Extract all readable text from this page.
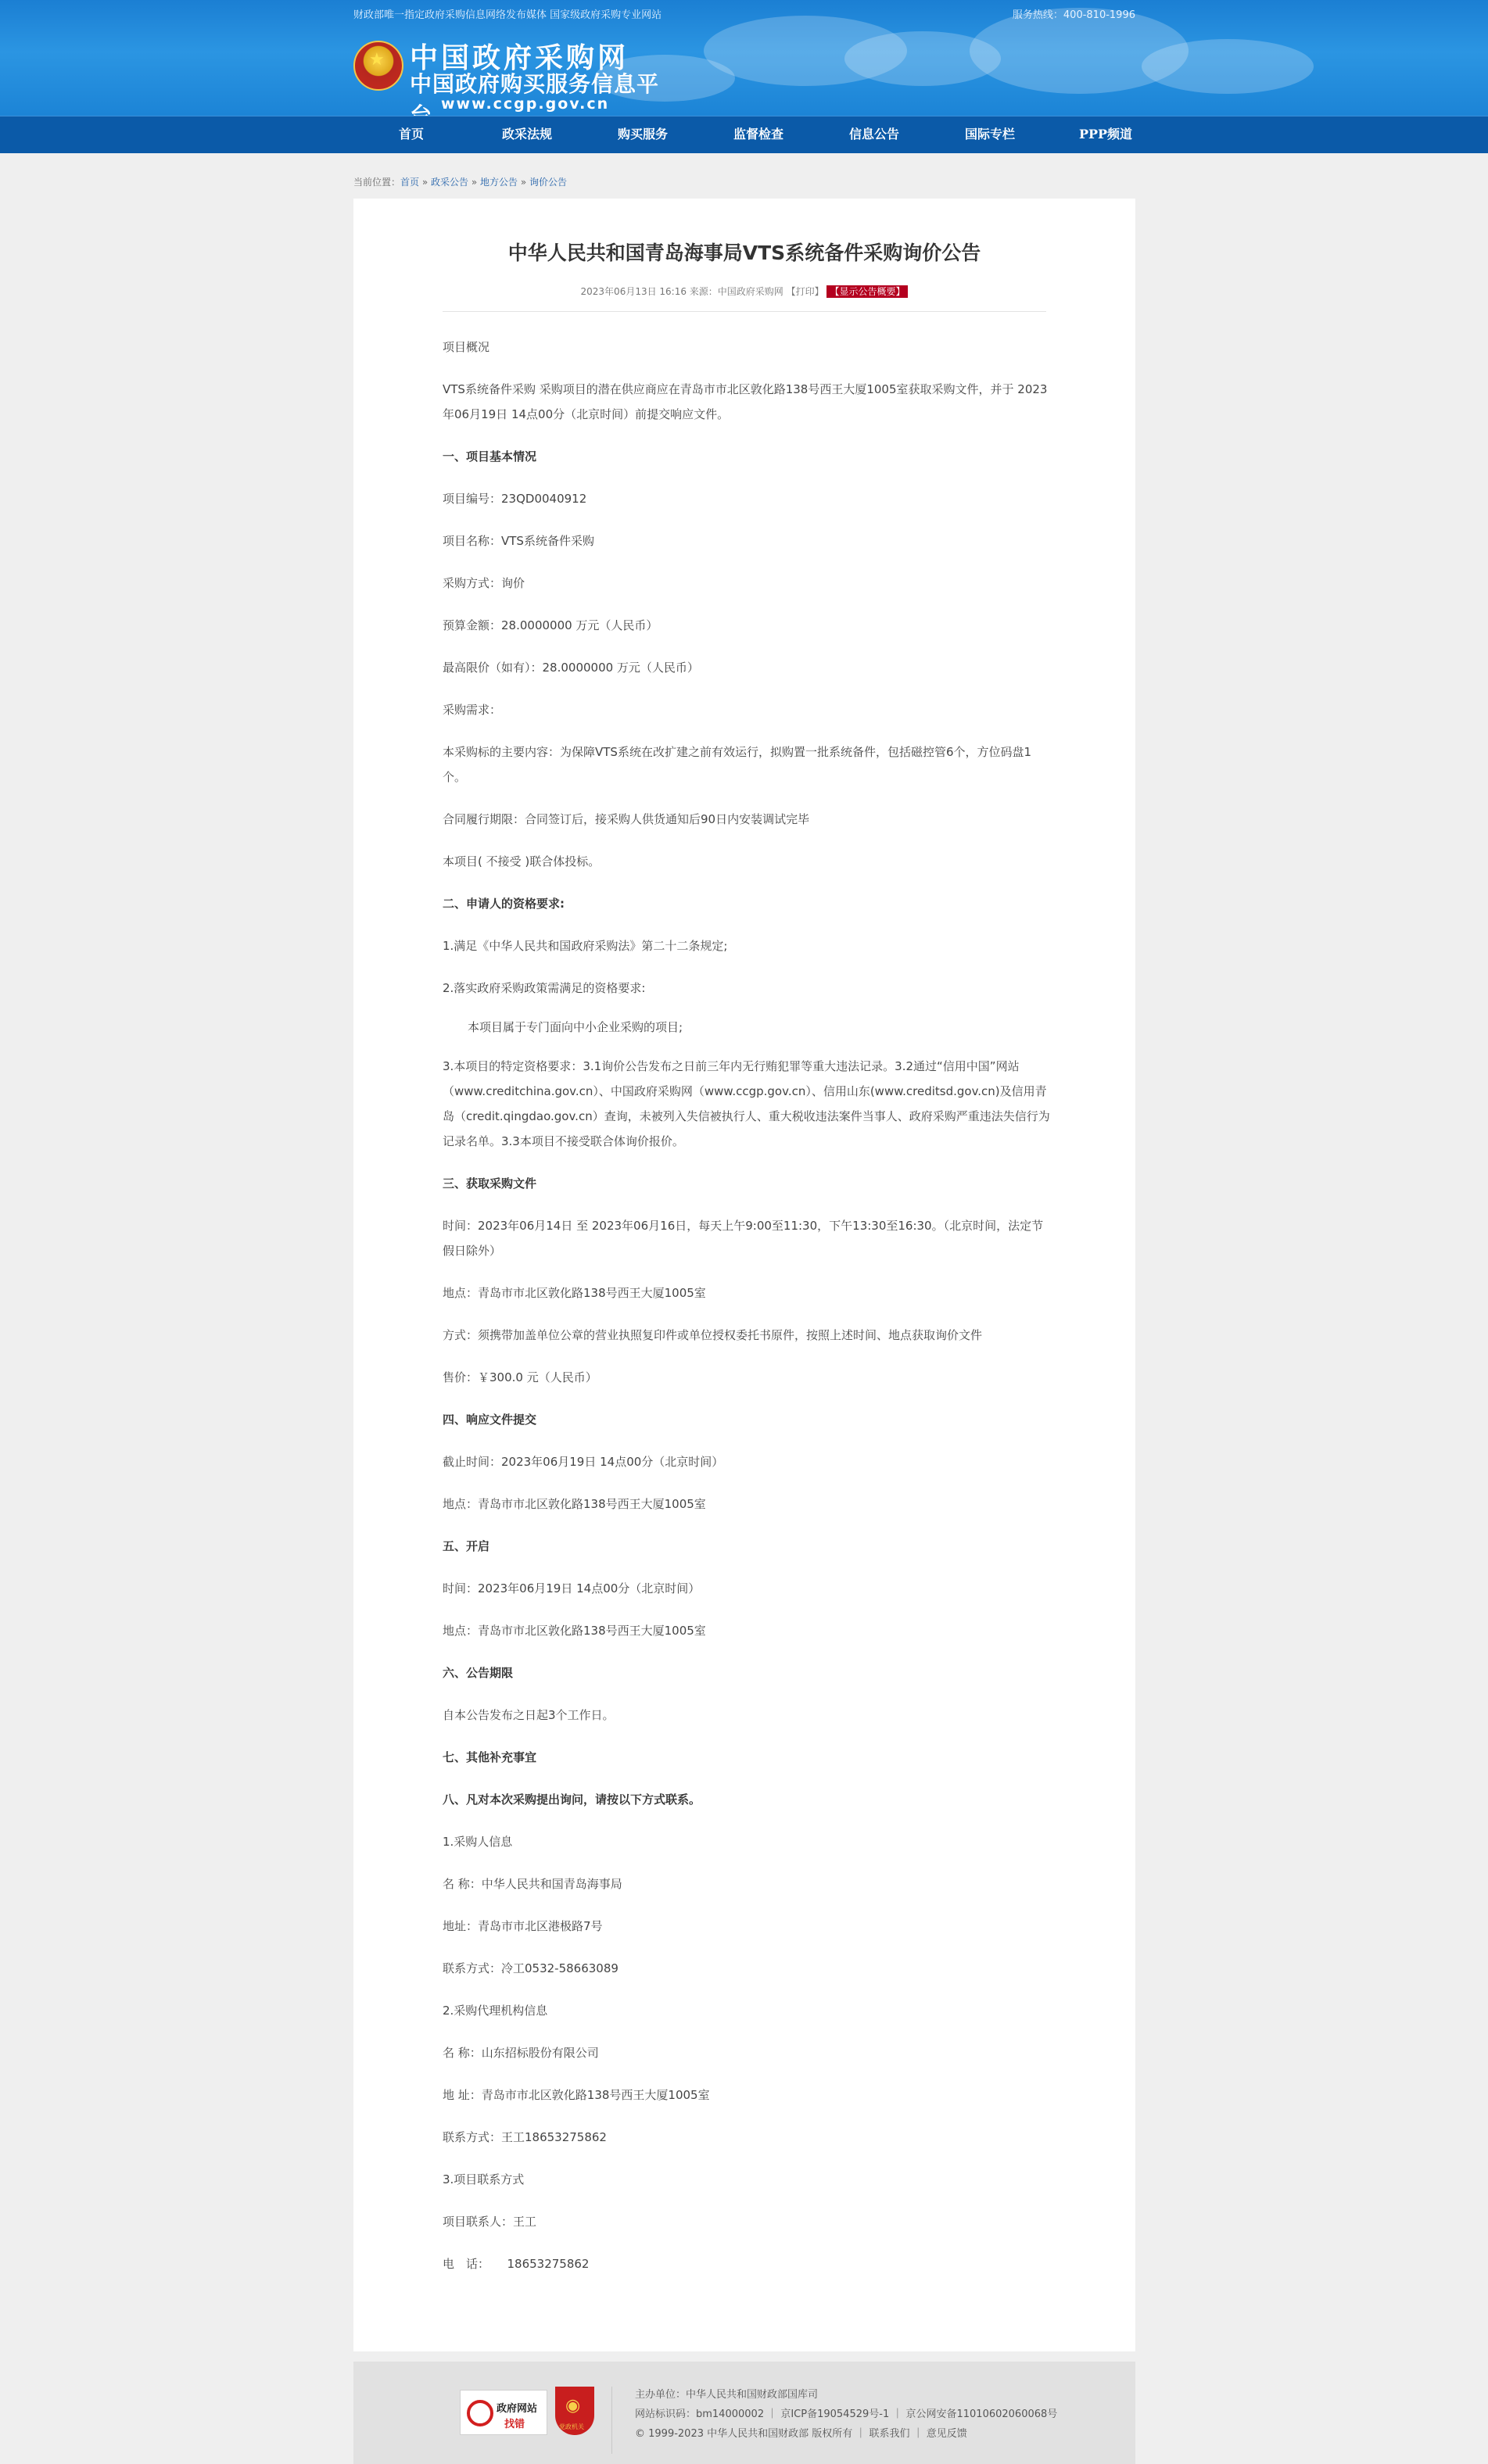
财政部唯一指定政府采购信息网络发布媒体 国家级政府采购专业网站	服务热线：400-810-1996
★ 中国政府采购网
中国政府购买服务信息平
www.ccgp.gov.cn
首页	政采法规	购买服务	监督检查	信息公告	国际专栏	PPP频道
当前位置：首页 » 政采公告 » 地方公告 » 询价公告
中华人民共和国青岛海事局VTS系统备件采购询价公告
2023年06月13日 16:16 来源：中国政府采购网 【打印】 【显示公告概要】
项目概况
VTS系统备件采购 采购项目的潜在供应商应在青岛市市北区敦化路138号西王大厦1005室获取采购文件，并于 2023年06月19日 14点00分（北京时间）前提交响应文件。
一、项目基本情况
项目编号：23QD0040912
项目名称：VTS系统备件采购
采购方式：询价
预算金额：28.0000000 万元（人民币）
最高限价（如有）：28.0000000 万元（人民币）
采购需求：
本采购标的主要内容：为保障VTS系统在改扩建之前有效运行，拟购置一批系统备件，包括磁控管6个，方位码盘1个。
合同履行期限：合同签订后，接采购人供货通知后90日内安装调试完毕
本项目( 不接受 )联合体投标。
二、申请人的资格要求:
1.满足《中华人民共和国政府采购法》第二十二条规定;
2.落实政府采购政策需满足的资格要求:
本项目属于专门面向中小企业采购的项目;
3.本项目的特定资格要求：3.1询价公告发布之日前三年内无行贿犯罪等重大违法记录。3.2通过“信用中国”网站（www.creditchina.gov.cn）、中国政府采购网（www.ccgp.gov.cn）、信用山东(www.creditsd.gov.cn)及信用青岛（credit.qingdao.gov.cn）查询，未被列入失信被执行人、重大税收违法案件当事人、政府采购严重违法失信行为记录名单。3.3本项目不接受联合体询价报价。
三、获取采购文件
时间：2023年06月14日 至 2023年06月16日，每天上午9:00至11:30，下午13:30至16:30。（北京时间，法定节假日除外）
地点：青岛市市北区敦化路138号西王大厦1005室
方式：须携带加盖单位公章的营业执照复印件或单位授权委托书原件，按照上述时间、地点获取询价文件
售价：￥300.0 元（人民币）
四、响应文件提交
截止时间：2023年06月19日 14点00分（北京时间）
地点：青岛市市北区敦化路138号西王大厦1005室
五、开启
时间：2023年06月19日 14点00分（北京时间）
地点：青岛市市北区敦化路138号西王大厦1005室
六、公告期限
自本公告发布之日起3个工作日。
七、其他补充事宜
八、凡对本次采购提出询问，请按以下方式联系。
1.采购人信息
名 称：中华人民共和国青岛海事局
地址：青岛市市北区港极路7号
联系方式：冷工0532-58663089
2.采购代理机构信息
名 称：山东招标股份有限公司
地 址：青岛市市北区敦化路138号西王大厦1005室
联系方式：王工18653275862
3.项目联系方式
项目联系人：王工
电　话：　　18653275862
政府网站
找错
◉
党政机关
主办单位：中华人民共和国财政部国库司
网站标识码：bm14000002 ｜ 京ICP备19054529号-1 ｜ 京公网安备11010602060068号
© 1999-2023 中华人民共和国财政部 版权所有 ｜ 联系我们 ｜ 意见反馈
